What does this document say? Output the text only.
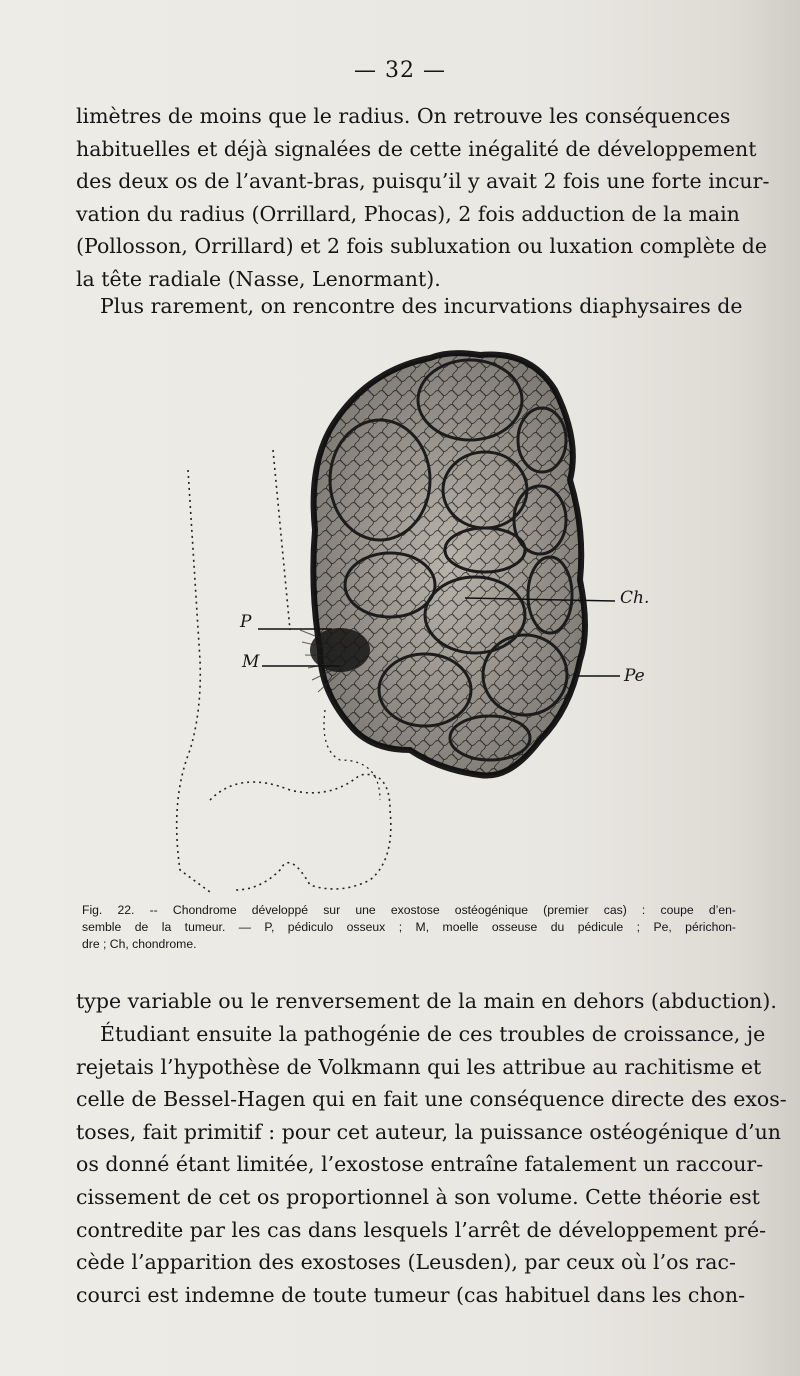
— 32 —

limètres de moins que le radius. On retrouve les conséquences
habituelles et déjà signalées de cette inégalité de développement
des deux os de l’avant-bras, puisqu’il y avait 2 fois une forte incur-
vation du radius (Orrillard, Phocas), 2 fois adduction de la main
(Pollosson, Orrillard) et 2 fois subluxation ou luxation complète de
la tête radiale (Nasse, Lenormant).

Plus rarement, on rencontre des incurvations diaphysaires de

P
M
Ch.
Pe
Fig. 22. -- Chondrome développé sur une exostose ostéogénique (premier cas) : coupe d’en-
semble de la tumeur. — P, pédiculo osseux ; M, moelle osseuse du pédicule ; Pe, périchon-
dre ; Ch, chondrome.

type variable ou le renversement de la main en dehors (abduction).

Étudiant ensuite la pathogénie de ces troubles de croissance, je
rejetais l’hypothèse de Volkmann qui les attribue au rachitisme et
celle de Bessel-Hagen qui en fait une conséquence directe des exos-
toses, fait primitif : pour cet auteur, la puissance ostéogénique d’un
os donné étant limitée, l’exostose entraîne fatalement un raccour-
cissement de cet os proportionnel à son volume. Cette théorie est
contredite par les cas dans lesquels l’arrêt de développement pré-
cède l’apparition des exostoses (Leusden), par ceux où l’os rac-
courci est indemne de toute tumeur (cas habituel dans les chon-
